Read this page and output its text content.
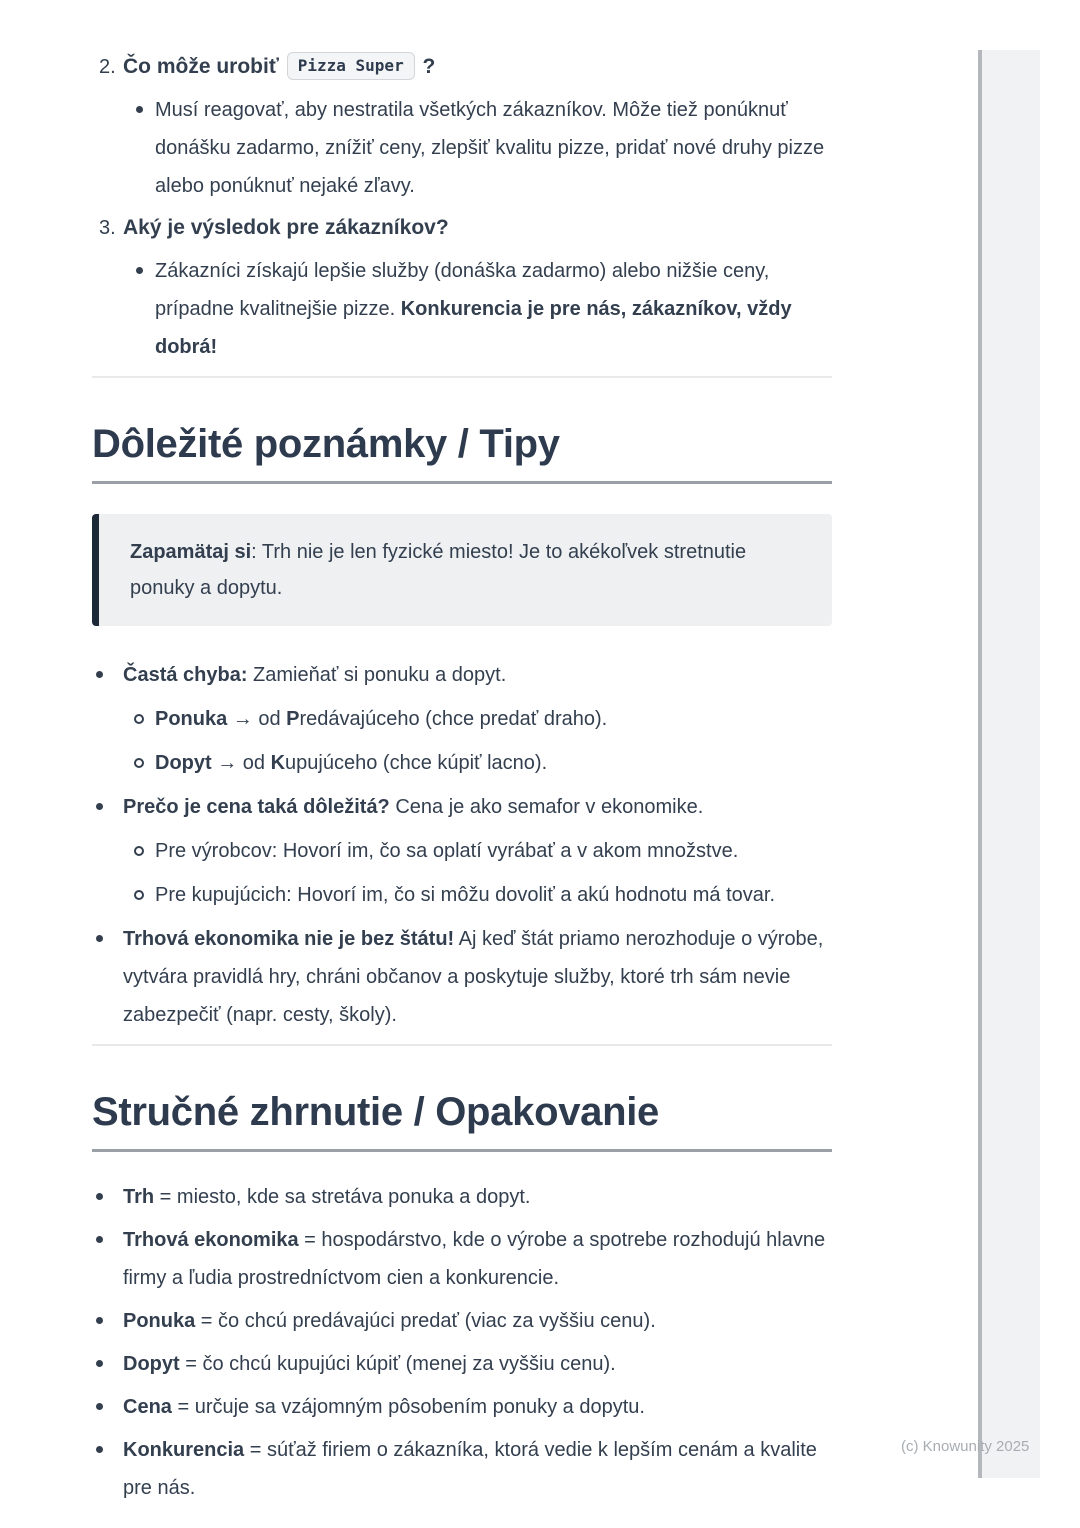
2. Čo môže urobiť Pizza Super ?
Musí reagovať, aby nestratila všetkých zákazníkov. Môže tiež ponúknuť donášku zadarmo, znížiť ceny, zlepšiť kvalitu pizze, pridať nové druhy pizze alebo ponúknuť nejaké zľavy.
3. Aký je výsledok pre zákazníkov?
Zákazníci získajú lepšie služby (donáška zadarmo) alebo nižšie ceny, prípadne kvalitnejšie pizze. Konkurencia je pre nás, zákazníkov, vždy dobrá!
Dôležité poznámky / Tipy
Zapamätaj si: Trh nie je len fyzické miesto! Je to akékoľvek stretnutie ponuky a dopytu.
Častá chyba: Zamieňať si ponuku a dopyt.
Ponuka → od Predávajúceho (chce predať draho).
Dopyt → od Kupujúceho (chce kúpiť lacno).
Prečo je cena taká dôležitá? Cena je ako semafor v ekonomike.
Pre výrobcov: Hovorí im, čo sa oplatí vyrábať a v akom množstve.
Pre kupujúcich: Hovorí im, čo si môžu dovoliť a akú hodnotu má tovar.
Trhová ekonomika nie je bez štátu! Aj keď štát priamo nerozhoduje o výrobe, vytvára pravidlá hry, chráni občanov a poskytuje služby, ktoré trh sám nevie zabezpečiť (napr. cesty, školy).
Stručné zhrnutie / Opakovanie
Trh = miesto, kde sa stretáva ponuka a dopyt.
Trhová ekonomika = hospodárstvo, kde o výrobe a spotrebe rozhodujú hlavne firmy a ľudia prostredníctvom cien a konkurencie.
Ponuka = čo chcú predávajúci predať (viac za vyššiu cenu).
Dopyt = čo chcú kupujúci kúpiť (menej za vyššiu cenu).
Cena = určuje sa vzájomným pôsobením ponuky a dopytu.
Konkurencia = súťaž firiem o zákazníka, ktorá vedie k lepším cenám a kvalite pre nás.
(c) Knowunity 2025
